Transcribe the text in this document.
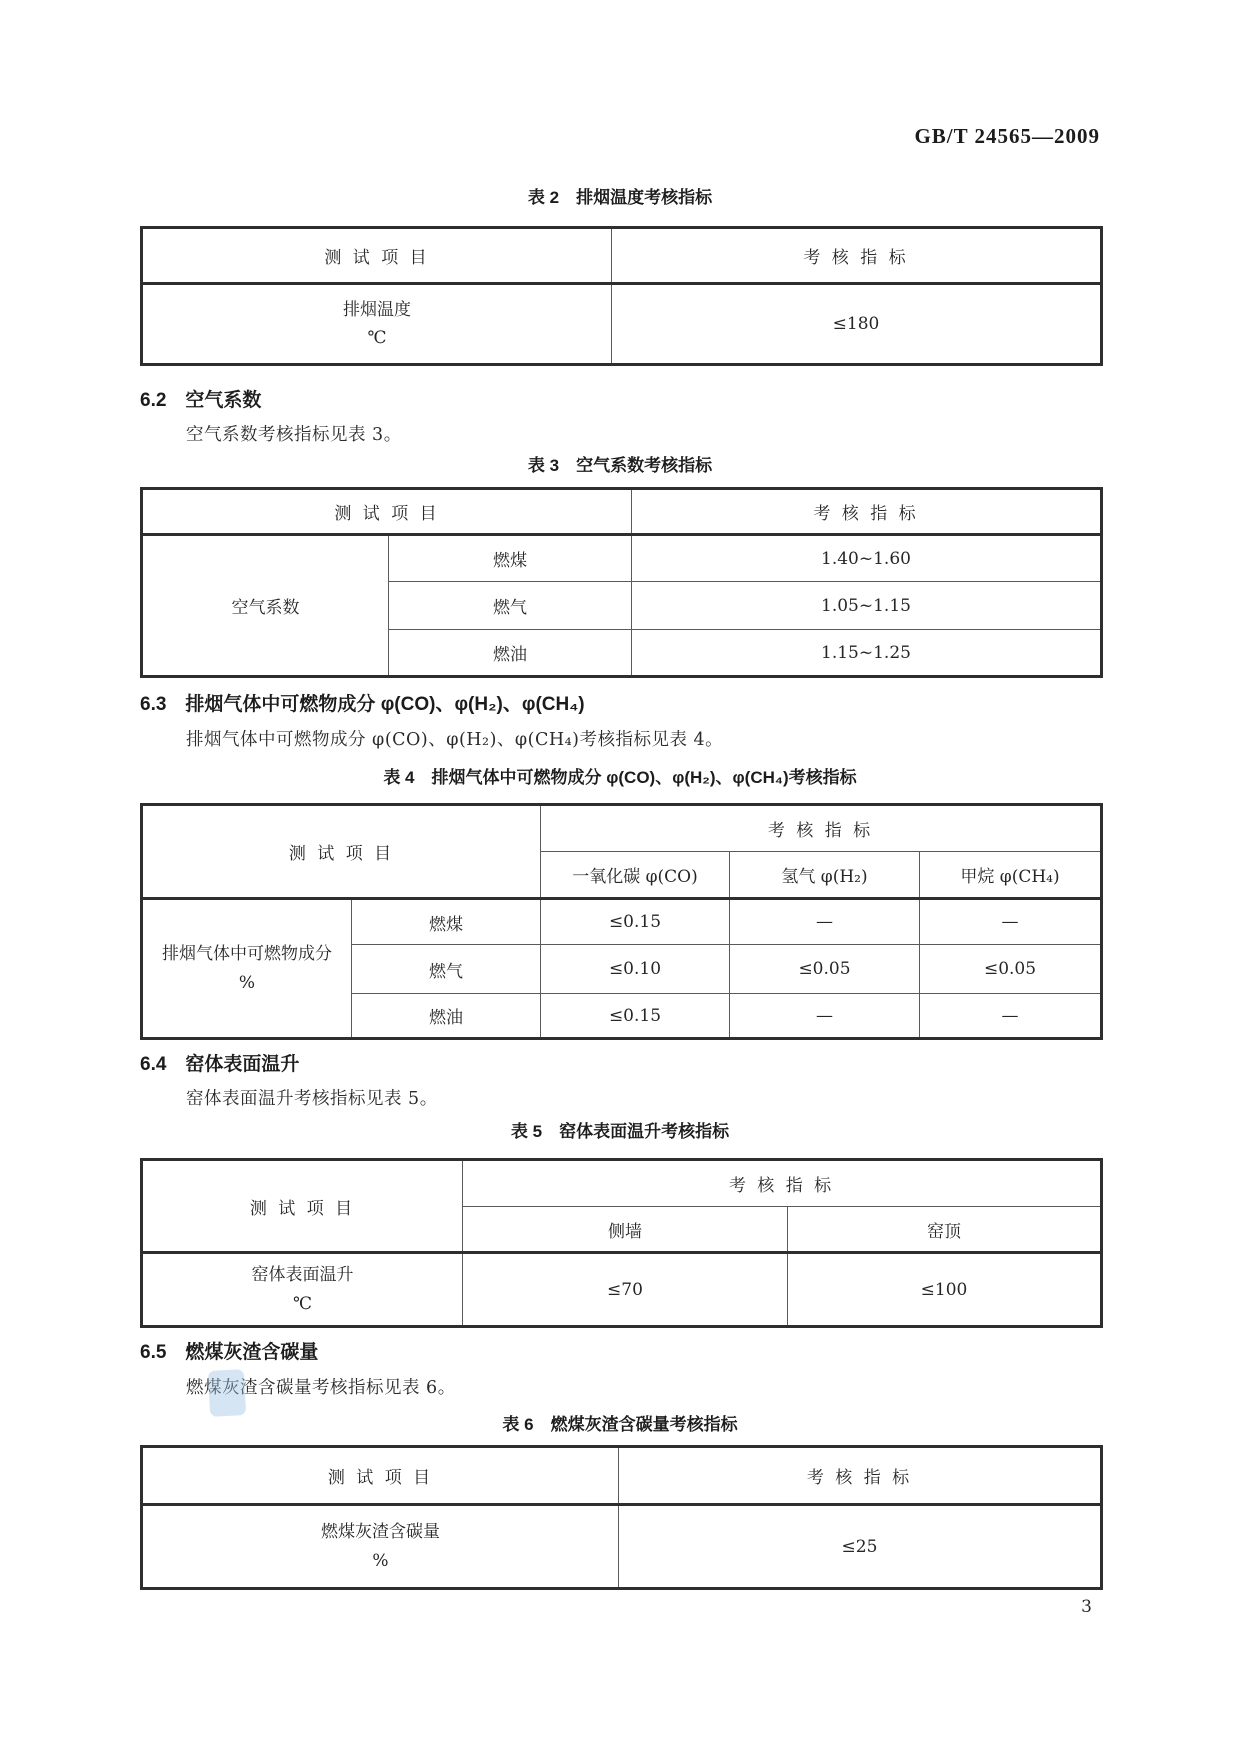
GB/T 24565—2009
表 2　排烟温度考核指标
测 试 项 目	考 核 指 标

排烟温度
℃	≤180
6.2　空气系数
空气系数考核指标见表 3。
表 3　空气系数考核指标
测 试 项 目		考 核 指 标
空气系数	燃煤	1.40~1.60
	燃气	1.05~1.15
	燃油	1.15~1.25
6.3　排烟气体中可燃物成分 φ(CO)、φ(H₂)、φ(CH₄)
排烟气体中可燃物成分 φ(CO)、φ(H₂)、φ(CH₄)考核指标见表 4。
表 4　排烟气体中可燃物成分 φ(CO)、φ(H₂)、φ(CH₄)考核指标
测 试 项 目		考 核 指 标		
		一氧化碳 φ(CO)	氢气 φ(H₂)	甲烷 φ(CH₄)

排烟气体中可燃物成分
%	燃煤	≤0.15	—	—
	燃气	≤0.10	≤0.05	≤0.05
	燃油	≤0.15	—	—
6.4　窑体表面温升
窑体表面温升考核指标见表 5。
表 5　窑体表面温升考核指标
测 试 项 目	考 核 指 标	
	侧墙	窑顶

窑体表面温升
℃	≤70	≤100
6.5　燃煤灰渣含碳量
燃煤灰渣含碳量考核指标见表 6。
表 6　燃煤灰渣含碳量考核指标
测 试 项 目	考 核 指 标

燃煤灰渣含碳量
%	≤25
3
